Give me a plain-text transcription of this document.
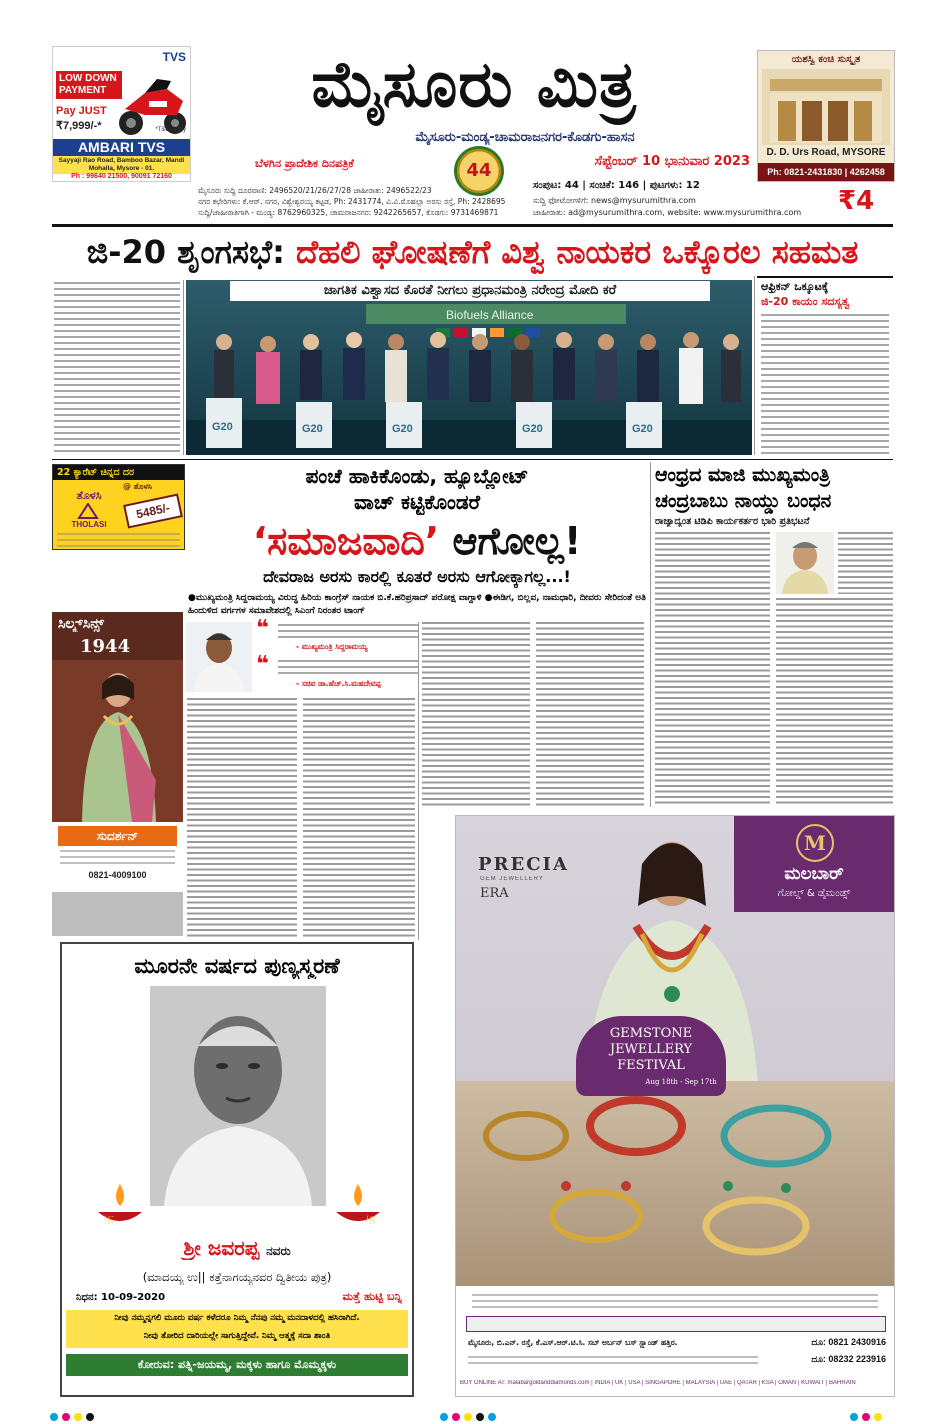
TVS
LOW DOWN
PAYMENT
Pay JUST
₹7,999/-*	*T&C Apply
AMBARI TVS
Sayyaji Rao Road, Bamboo Bazar, Mandi Mohalla, Mysore - 01.
Ph : 99640 21500, 90091 72160
ಮೈಸೂರು ಮಿತ್ರ
ಮೈಸೂರು-ಮಂಡ್ಯ-ಚಾಮರಾಜನಗರ-ಕೊಡಗು-ಹಾಸನ
ಬೆಳಗಿನ ಪ್ರಾದೇಶಿಕ ದಿನಪತ್ರಿಕೆ	44	ಸೆಪ್ಟೆಂಬರ್ 10 ಭಾನುವಾರ 2023
ಯಶಸ್ವಿ ಕಂಚಿ ಸುಸ್ಕೃತ
D. D. Urs Road, MYSORE
Ph: 0821-2431830 | 4262458
ಮೈಸೂರು ಸುದ್ದಿ ದೂರವಾಣಿ: 2496520/21/26/27/28 ಜಾಹೀರಾತು: 2496522/23
ನಗರ ಕಛೇರಿಗಳು: ಕೆ.ಆರ್. ನಗರ, ವಿಶ್ವೇಶ್ವರಯ್ಯ ಕಟ್ಟಡ, Ph: 2431774, ವಿ.ವಿ.ಮೊಹಲ್ಲಾ ಅರಸು ರಸ್ತೆ, Ph: 2428695
ಸುದ್ದಿ/ಜಾಹೀರಾತಿಗಾಗಿ - ಮಂಡ್ಯ: 8762960325, ಚಾಮರಾಜನಗರ: 9242265657, ಕೊಡಗು: 9731469871
ಸಂಪುಟ: 44 | ಸಂಚಿಕೆ: 146 | ಪುಟಗಳು: 12
ಸುದ್ದಿ ಫೋಟೋಗಳಿಗೆ: news@mysurumithra.com
ಜಾಹೀರಾತು: ad@mysurumithra.com, website: www.mysurumithra.com	₹4
ಜಿ-20 ಶೃಂಗಸಭೆ: ದೆಹಲಿ ಘೋಷಣೆಗೆ ವಿಶ್ವ ನಾಯಕರ ಒಕ್ಕೊರಲ ಸಹಮತ
Biofuels Alliance
G20	G20	G20	G20	G20
ಜಾಗತಿಕ ವಿಶ್ವಾಸದ ಕೊರತೆ ನೀಗಲು ಪ್ರಧಾನಮಂತ್ರಿ ನರೇಂದ್ರ ಮೋದಿ ಕರೆ	ಆಫ್ರಿಕನ್ ಒಕ್ಕೂಟಕ್ಕೆ
ಜಿ-20 ಕಾಯಂ ಸದಸ್ಯತ್ವ
22 ಕ್ಯಾರೆಟ್ ಚಿನ್ನದ ದರ
@ ತೊಳಸಿ
ತೊಳಸಿ
THOLASI
5485/-
ಪಂಚೆ ಹಾಕಿಕೊಂಡು, ಹ್ಯೂಬ್ಲೋಟ್
ವಾಚ್ ಕಟ್ಟಿಕೊಂಡರೆ
‘ಸಮಾಜವಾದಿ’ ಆಗೋಲ್ಲ!
ದೇವರಾಜ ಅರಸು ಕಾರಲ್ಲಿ ಕೂತರೆ ಅರಸು ಆಗೋಕ್ಕಾಗಲ್ಲ...!
●ಮುಖ್ಯಮಂತ್ರಿ ಸಿದ್ದರಾಮಯ್ಯ ವಿರುದ್ಧ ಹಿರಿಯ ಕಾಂಗ್ರೆಸ್ ನಾಯಕ ಬಿ.ಕೆ.ಹರಿಪ್ರಸಾದ್ ಪರೋಕ್ಷ ವಾಗ್ದಾಳಿ ●ಈಡಿಗ, ಬಿಲ್ಲವ, ನಾಮಧಾರಿ, ದೀವರು ಸೇರಿದಂತೆ ಅತಿ ಹಿಂದುಳಿದ ವರ್ಗಗಳ ಸಮಾವೇಶದಲ್ಲಿ ಸಿಎಂಗೆ ನಿರಂತರ ಟಾಂಗ್
❝
- ಮುಖ್ಯಮಂತ್ರಿ ಸಿದ್ದರಾಮಯ್ಯ
❝
- ಸಚಿವ ಡಾ.ಹೆಚ್.ಸಿ.ಮಹದೇವಪ್ಪ
ಆಂಧ್ರದ ಮಾಜಿ ಮುಖ್ಯಮಂತ್ರಿ
ಚಂದ್ರಬಾಬು ನಾಯ್ಡು ಬಂಧನ
ರಾಜ್ಯಾದ್ಯಂತ ಟಿಡಿಪಿ ಕಾರ್ಯಕರ್ತರ ಭಾರಿ ಪ್ರತಿಭಟನೆ
ಸಿಲ್ಕ್ಸ್‌ಸಿನ್ಸ್
1944
ಸುದರ್ಶನ್
0821-4009100
ಮೂರನೇ ವರ್ಷದ ಪುಣ್ಯಸ್ಮರಣೆ
卐	卐
ಶ್ರೀ ಜವರಪ್ಪ ನವರು
(ಮಾದಯ್ಯ ಉ|| ಕತ್ತೆನಾಗಯ್ಯನವರ ದ್ವಿತೀಯ ಪುತ್ರ)
ನಿಧನ: 10-09-2020	ಮತ್ತೆ ಹುಟ್ಟಿ ಬನ್ನಿ
ನೀವು ನಮ್ಮನ್ನಗಲಿ ಮೂರು ವರ್ಷ ಕಳೆದರೂ ನಿಮ್ಮ ನೆನಪು ನಮ್ಮ ಮನದಾಳದಲ್ಲಿ ಹಸಿರಾಗಿದೆ.
ನೀವು ತೋರಿದ ದಾರಿಯಲ್ಲೇ ಸಾಗುತ್ತಿದ್ದೇವೆ. ನಿಮ್ಮ ಆತ್ಮಕ್ಕೆ ಸದಾ ಶಾಂತಿ
ಕೋರುವ: ಪತ್ನಿ-ಜಯಮ್ಮ, ಮಕ್ಕಳು ಹಾಗೂ ಮೊಮ್ಮಕ್ಕಳು
PRECIA
GEM JEWELLERY
ERA
M
ಮಲಬಾರ್
ಗೋಲ್ಡ್ & ಡೈಮಂಡ್ಸ್
GEMSTONE
JEWELLERY
FESTIVAL
Aug 18th - Sep 17th
ಮೈಸೂರು, ಬಿ.ಎನ್. ರಸ್ತೆ, ಕೆ.ಎಸ್.ಆರ್.ಟಿ.ಸಿ. ಸಬ್ ಅರ್ಬನ್ ಬಸ್ ಸ್ಟ್ಯಾಂಡ್ ಹತ್ತಿರ.	ದೂ: 0821 2430916
ದೂ: 08232 223916
BUY ONLINE AT: malabargoldanddiamonds.com | INDIA | UK | USA | SINGAPORE | MALAYSIA | UAE | QATAR | KSA | OMAN | KUWAIT | BAHRAIN
